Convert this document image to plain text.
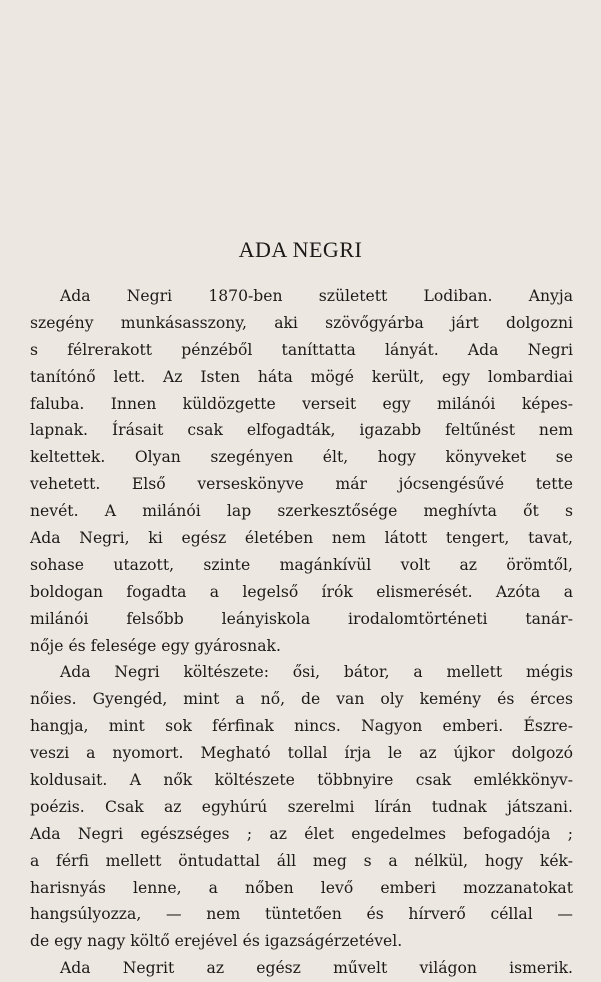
ADA NEGRI
Ada Negri 1870-ben született Lodiban. Anyja
szegény munkásasszony, aki szövőgyárba járt dolgozni
s félrerakott pénzéből taníttatta lányát. Ada Negri
tanítónő lett. Az Isten háta mögé került, egy lombardiai
faluba. Innen küldözgette verseit egy milánói képes-
lapnak. Írásait csak elfogadták, igazabb feltűnést nem
keltettek. Olyan szegényen élt, hogy könyveket se
vehetett. Első verseskönyve már jócsengésűvé tette
nevét. A milánói lap szerkesztősége meghívta őt s
Ada Negri, ki egész életében nem látott tengert, tavat,
sohase utazott, szinte magánkívül volt az örömtől,
boldogan fogadta a legelső írók elismerését. Azóta a
milánói felsőbb leányiskola irodalomtörténeti tanár-
nője és felesége egy gyárosnak.
Ada Negri költészete: ősi, bátor, a mellett mégis
nőies. Gyengéd, mint a nő, de van oly kemény és érces
hangja, mint sok férfinak nincs. Nagyon emberi. Észre-
veszi a nyomort. Megható tollal írja le az újkor dolgozó
koldusait. A nők költészete többnyire csak emlékkönyv-
poézis. Csak az egyhúrú szerelmi lírán tudnak játszani.
Ada Negri egészséges ; az élet engedelmes befogadója ;
a férfi mellett öntudattal áll meg s a nélkül, hogy kék-
harisnyás lenne, a nőben levő emberi mozzanatokat
hangsúlyozza, — nem tüntetően és hírverő céllal —
de egy nagy költő erejével és igazságérzetével.
Ada Negrit az egész művelt világon ismerik.
